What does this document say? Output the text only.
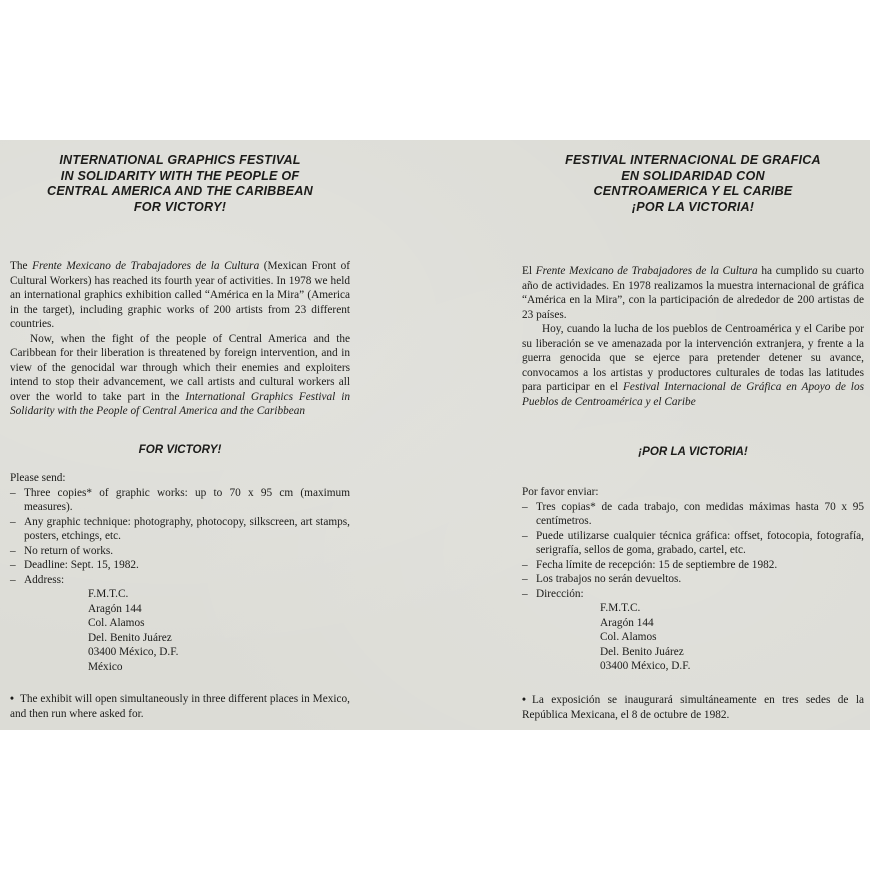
INTERNATIONAL GRAPHICS FESTIVAL
IN SOLIDARITY WITH THE PEOPLE OF
CENTRAL AMERICA AND THE CARIBBEAN
FOR VICTORY!

The Frente Mexicano de Trabajadores de la Cultura (Mexican Front of Cultural Workers) has reached its fourth year of activities. In 1978 we held an international graphics exhibition called “América en la Mira” (America in the target), including graphic works of 200 artists from 23 different countries.

Now, when the fight of the people of Central America and the Caribbean for their liberation is threatened by foreign intervention, and in view of the genocidal war through which their enemies and exploiters intend to stop their advancement, we call artists and cultural workers all over the world to take part in the International Graphics Festival in Solidarity with the People of Central America and the Caribbean

FOR VICTORY!

Please send:

– Three copies* of graphic works: up to 70 x 95 cm (maximum measures).
– Any graphic technique: photography, photocopy, silkscreen, art stamps, posters, etchings, etc.
– No return of works.
– Deadline: Sept. 15, 1982.
– Address:
F.M.T.C.
Aragón 144
Col. Alamos
Del. Benito Juárez
03400 México, D.F.
México
• The exhibit will open simultaneously in three different places in Mexico, and then run where asked for.
FESTIVAL INTERNACIONAL DE GRAFICA
EN SOLIDARIDAD CON
CENTROAMERICA Y EL CARIBE
¡POR LA VICTORIA!

El Frente Mexicano de Trabajadores de la Cultura ha cumplido su cuarto año de actividades. En 1978 realizamos la muestra internacional de gráfica “América en la Mira”, con la participación de alrededor de 200 artistas de 23 países.

Hoy, cuando la lucha de los pueblos de Centroamérica y el Caribe por su liberación se ve amenazada por la intervención extranjera, y frente a la guerra genocida que se ejerce para pretender detener su avance, convocamos a los artistas y productores culturales de todas las latitudes para participar en el Festival Internacional de Gráfica en Apoyo de los Pueblos de Centroamérica y el Caribe

¡POR LA VICTORIA!

Por favor enviar:

– Tres copias* de cada trabajo, con medidas máximas hasta 70 x 95 centímetros.
– Puede utilizarse cualquier técnica gráfica: offset, fotocopia, fotografía, serigrafía, sellos de goma, grabado, cartel, etc.
– Fecha límite de recepción: 15 de septiembre de 1982.
– Los trabajos no serán devueltos.
– Dirección:
F.M.T.C.
Aragón 144
Col. Alamos
Del. Benito Juárez
03400 México, D.F.
• La exposición se inaugurará simultáneamente en tres sedes de la República Mexicana, el 8 de octubre de 1982.
